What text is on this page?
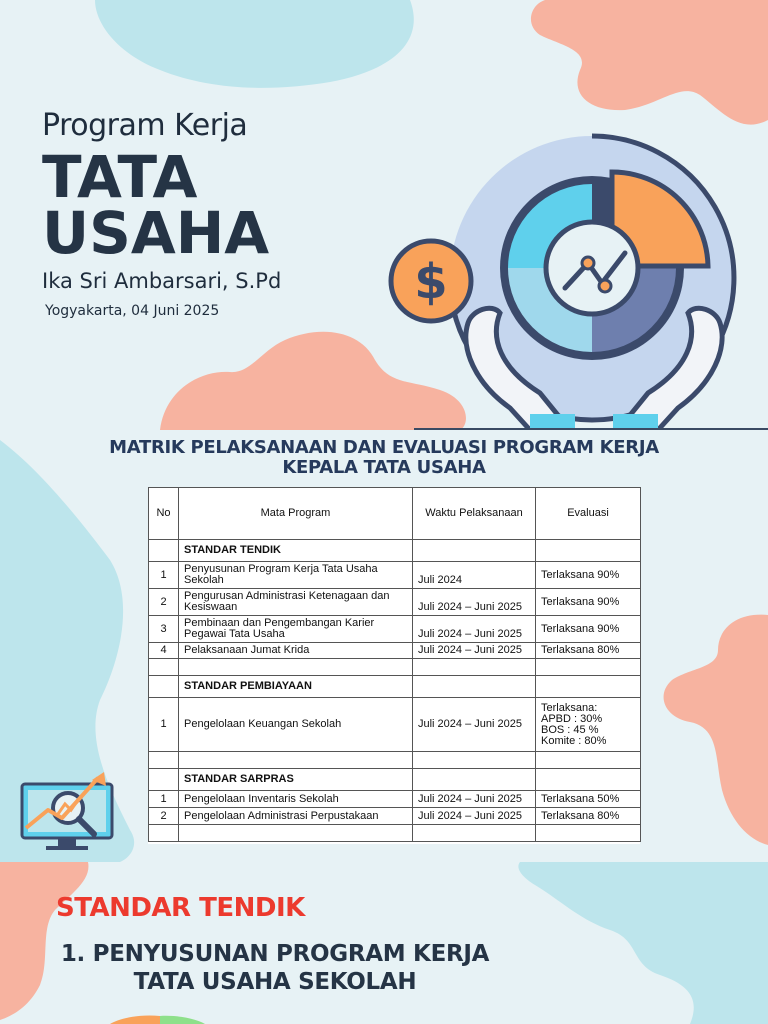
$
Program Kerja
TATA
USAHA
Ika Sri Ambarsari, S.Pd
Yogyakarta, 04 Juni 2025
MATRIK PELAKSANAAN DAN EVALUASI PROGRAM KERJA
KEPALA TATA USAHA
No	Mata Program	Waktu Pelaksanaan	Evaluasi
	STANDAR TENDIK		
1	Penyusunan Program Kerja Tata Usaha
Sekolah	Juli 2024	Terlaksana 90%
2	Pengurusan Administrasi Ketenagaan dan
Kesiswaan	Juli 2024 – Juni 2025	Terlaksana 90%
3	Pembinaan dan Pengembangan Karier
Pegawai Tata Usaha	Juli 2024 – Juni 2025	Terlaksana 90%
4	Pelaksanaan Jumat Krida	Juli 2024 – Juni 2025	Terlaksana 80%

	STANDAR PEMBIAYAAN		
1	Pengelolaan Keuangan Sekolah	Juli 2024 – Juni 2025	Terlaksana:
APBD : 30%
BOS : 45 %
Komite : 80%

	STANDAR SARPRAS		
1	Pengelolaan Inventaris Sekolah	Juli 2024 – Juni 2025	Terlaksana 50%
2	Pengelolaan Administrasi Perpustakaan	Juli 2024 – Juni 2025	Terlaksana 80%

STANDAR TENDIK
1. PENYUSUNAN PROGRAM KERJA
TATA USAHA SEKOLAH
